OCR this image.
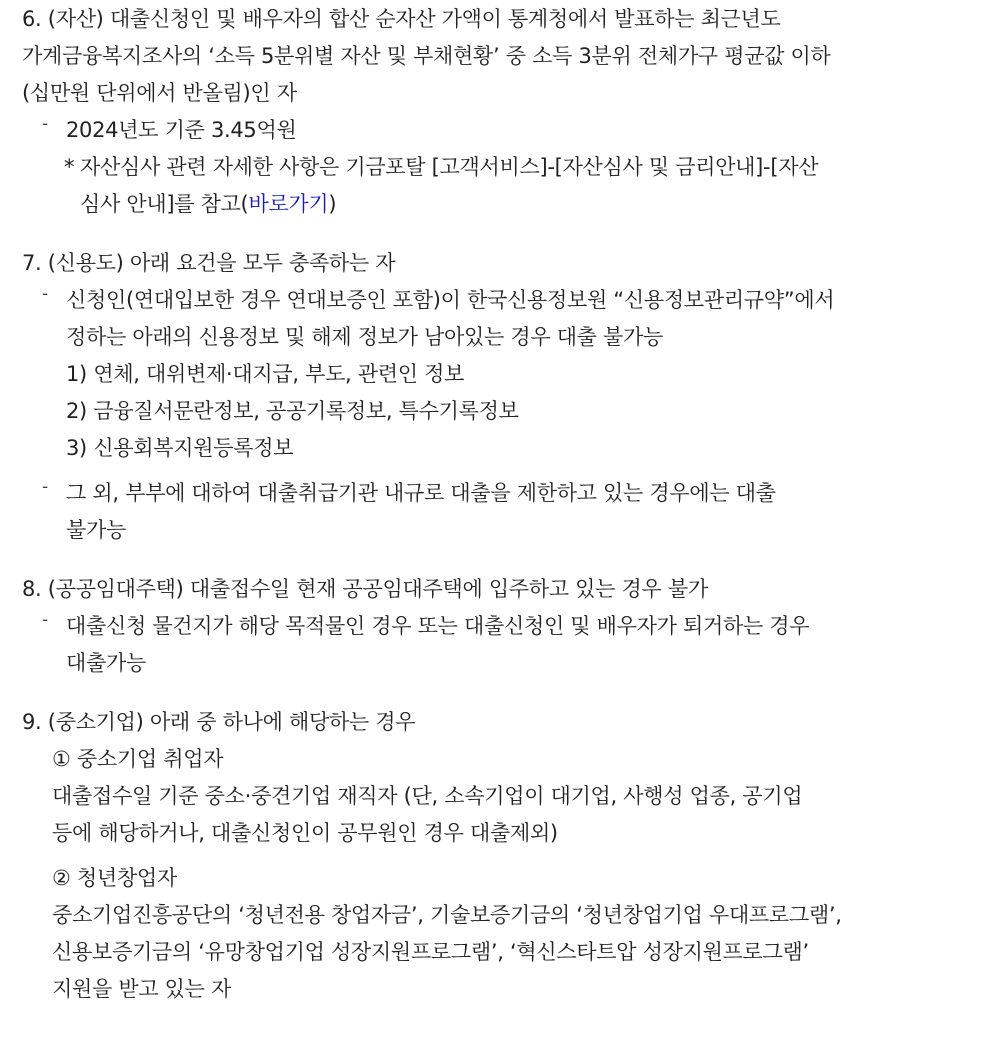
6. (자산) 대출신청인 및 배우자의 합산 순자산 가액이 통계청에서 발표하는 최근년도
가계금융복지조사의 ‘소득 5분위별 자산 및 부채현황’ 중 소득 3분위 전체가구 평균값 이하
(십만원 단위에서 반올림)인 자
- 2024년도 기준 3.45억원
* 자산심사 관련 자세한 사항은 기금포탈 [고객서비스]-[자산심사 및 금리안내]-[자산
심사 안내]를 참고(바로가기)
7. (신용도) 아래 요건을 모두 충족하는 자
- 신청인(연대입보한 경우 연대보증인 포함)이 한국신용정보원 “신용정보관리규약”에서
정하는 아래의 신용정보 및 해제 정보가 남아있는 경우 대출 불가능
1) 연체, 대위변제·대지급, 부도, 관련인 정보
2) 금융질서문란정보, 공공기록정보, 특수기록정보
3) 신용회복지원등록정보
- 그 외, 부부에 대하여 대출취급기관 내규로 대출을 제한하고 있는 경우에는 대출
불가능
8. (공공임대주택) 대출접수일 현재 공공임대주택에 입주하고 있는 경우 불가
- 대출신청 물건지가 해당 목적물인 경우 또는 대출신청인 및 배우자가 퇴거하는 경우
대출가능
9. (중소기업) 아래 중 하나에 해당하는 경우
① 중소기업 취업자
대출접수일 기준 중소·중견기업 재직자 (단, 소속기업이 대기업, 사행성 업종, 공기업
등에 해당하거나, 대출신청인이 공무원인 경우 대출제외)
② 청년창업자
중소기업진흥공단의 ‘청년전용 창업자금’, 기술보증기금의 ‘청년창업기업 우대프로그램’,
신용보증기금의 ‘유망창업기업 성장지원프로그램’, ‘혁신스타트압 성장지원프로그램’
지원을 받고 있는 자
